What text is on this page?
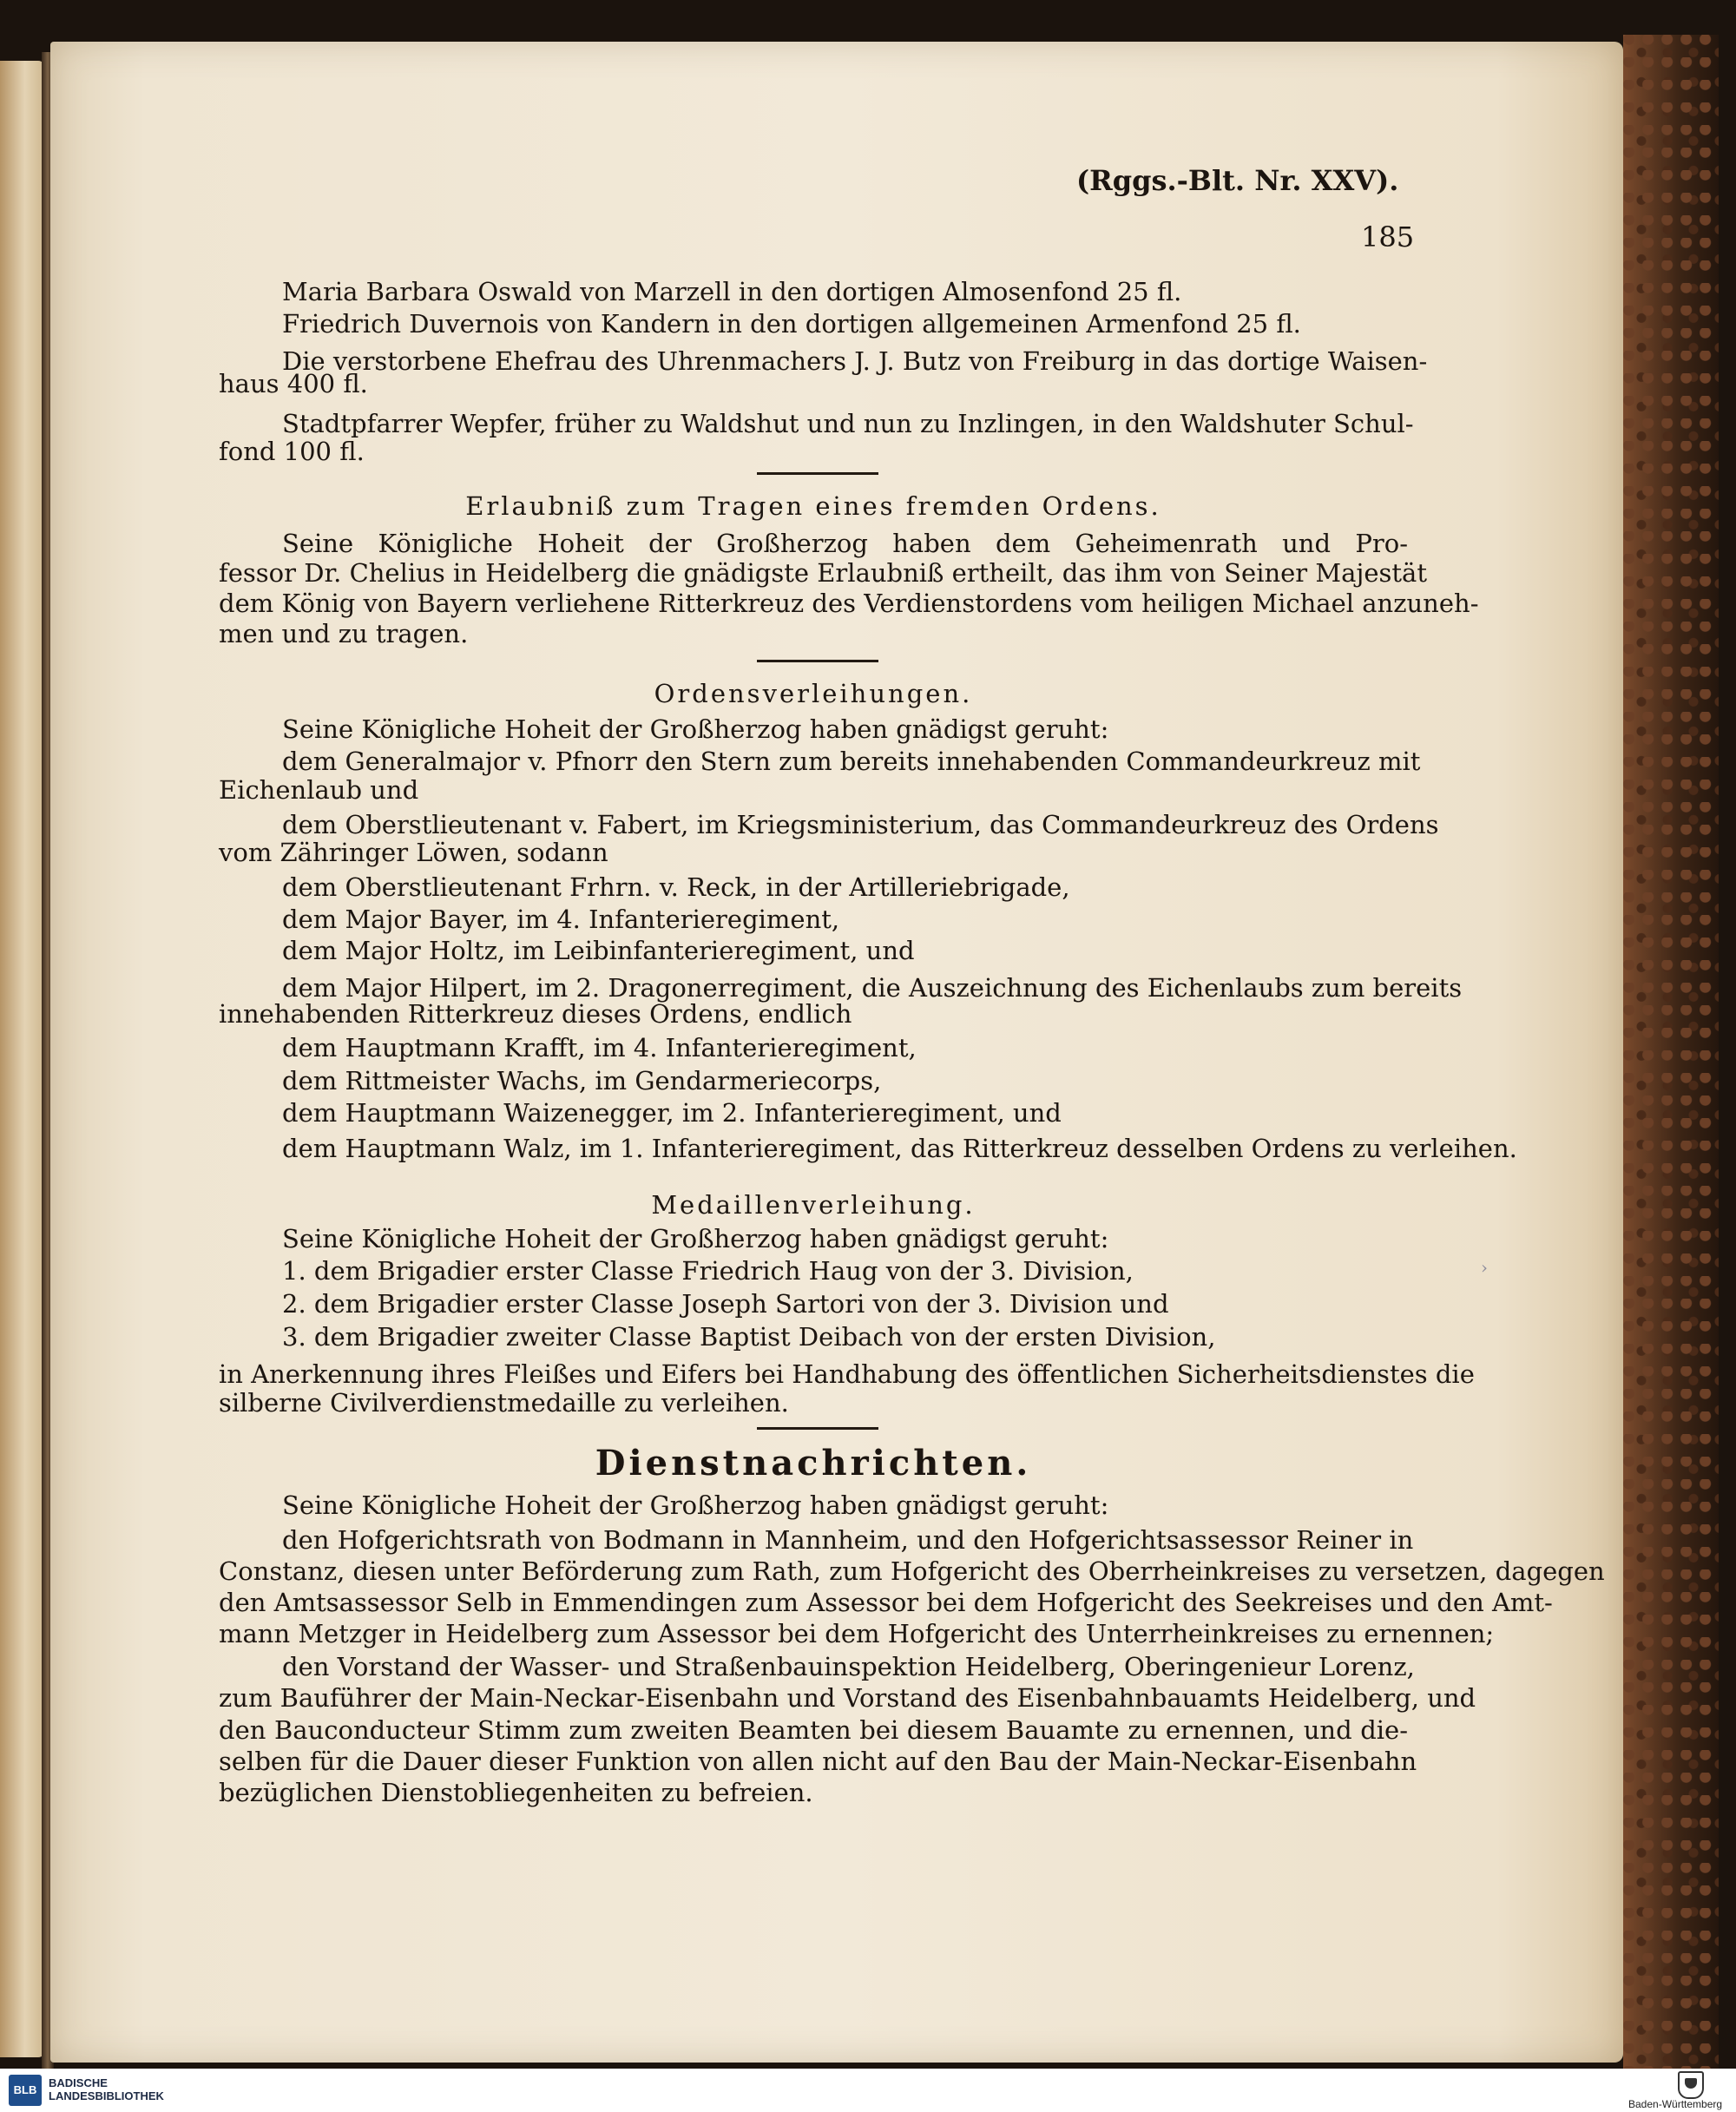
(Rggs.-Blt. Nr. XXV).
185
Maria Barbara Oswald von Marzell in den dortigen Almosenfond 25 fl.
Friedrich Duvernois von Kandern in den dortigen allgemeinen Armenfond 25 fl.
Die verstorbene Ehefrau des Uhrenmachers J. J. Butz von Freiburg in das dortige Waisen-
haus 400 fl.
Stadtpfarrer Wepfer, früher zu Waldshut und nun zu Inzlingen, in den Waldshuter Schul-
fond 100 fl.
Erlaubniß zum Tragen eines fremden Ordens.
Seine Königliche Hoheit der Großherzog haben dem Geheimenrath und Pro-
fessor Dr. Chelius in Heidelberg die gnädigste Erlaubniß ertheilt, das ihm von Seiner Majestät
dem König von Bayern verliehene Ritterkreuz des Verdienstordens vom heiligen Michael anzuneh-
men und zu tragen.
Ordensverleihungen.
Seine Königliche Hoheit der Großherzog haben gnädigst geruht:
dem Generalmajor v. Pfnorr den Stern zum bereits innehabenden Commandeurkreuz mit
Eichenlaub und
dem Oberstlieutenant v. Fabert, im Kriegsministerium, das Commandeurkreuz des Ordens
vom Zähringer Löwen, sodann
dem Oberstlieutenant Frhrn. v. Reck, in der Artilleriebrigade,
dem Major Bayer, im 4. Infanterieregiment,
dem Major Holtz, im Leibinfanterieregiment, und
dem Major Hilpert, im 2. Dragonerregiment, die Auszeichnung des Eichenlaubs zum bereits
innehabenden Ritterkreuz dieses Ordens, endlich
dem Hauptmann Krafft, im 4. Infanterieregiment,
dem Rittmeister Wachs, im Gendarmeriecorps,
dem Hauptmann Waizenegger, im 2. Infanterieregiment, und
dem Hauptmann Walz, im 1. Infanterieregiment, das Ritterkreuz desselben Ordens zu verleihen.
Medaillenverleihung.
Seine Königliche Hoheit der Großherzog haben gnädigst geruht:
1. dem Brigadier erster Classe Friedrich Haug von der 3. Division,
2. dem Brigadier erster Classe Joseph Sartori von der 3. Division und
3. dem Brigadier zweiter Classe Baptist Deibach von der ersten Division,
in Anerkennung ihres Fleißes und Eifers bei Handhabung des öffentlichen Sicherheitsdienstes die
silberne Civilverdienstmedaille zu verleihen.
Dienstnachrichten.
Seine Königliche Hoheit der Großherzog haben gnädigst geruht:
den Hofgerichtsrath von Bodmann in Mannheim, und den Hofgerichtsassessor Reiner in
Constanz, diesen unter Beförderung zum Rath, zum Hofgericht des Oberrheinkreises zu versetzen, dagegen
den Amtsassessor Selb in Emmendingen zum Assessor bei dem Hofgericht des Seekreises und den Amt-
mann Metzger in Heidelberg zum Assessor bei dem Hofgericht des Unterrheinkreises zu ernennen;
den Vorstand der Wasser- und Straßenbauinspektion Heidelberg, Oberingenieur Lorenz,
zum Bauführer der Main-Neckar-Eisenbahn und Vorstand des Eisenbahnbauamts Heidelberg, und
den Bauconducteur Stimm zum zweiten Beamten bei diesem Bauamte zu ernennen, und die-
selben für die Dauer dieser Funktion von allen nicht auf den Bau der Main-Neckar-Eisenbahn
bezüglichen Dienstobliegenheiten zu befreien.
›
BLB
BADISCHE
LANDESBIBLIOTHEK
Baden-Württemberg
